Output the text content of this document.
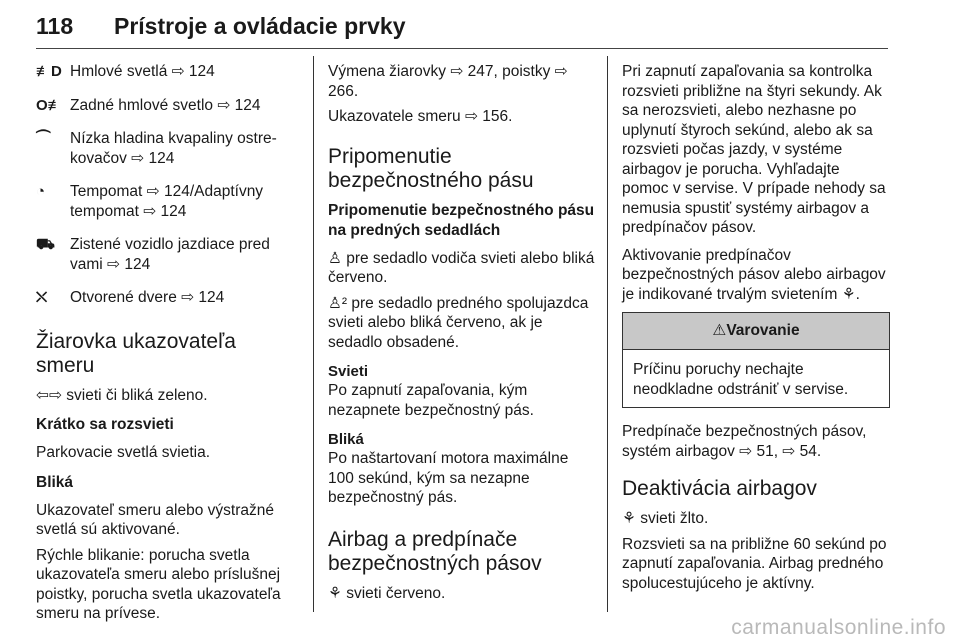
118 Prístroje a ovládacie prvky
≢D Hmlové svetlá ⇨ 124
O≢ Zadné hmlové svetlo ⇨ 124
⏜	Nízka hladina kvapaliny ostre-kovačov ⇨ 124
◔	Tempomat ⇨ 124/Adaptívny tempomat ⇨ 124
⛟ Zistené vozidlo jazdiace pred vami ⇨ 124
⛌	Otvorené dvere ⇨ 124
Žiarovka ukazovateľa smeru

⇦⇨ svieti či bliká zeleno.

Krátko sa rozsvieti

Parkovacie svetlá svietia.

Bliká

Ukazovateľ smeru alebo výstražné svetlá sú aktivované.

Rýchle blikanie: porucha svetla ukazovateľa smeru alebo príslušnej poistky, porucha svetla ukazovateľa smeru na prívese.

Výmena žiarovky ⇨ 247, poistky ⇨ 266.

Ukazovatele smeru ⇨ 156.

Pripomenutie bezpečnostného pásu
Pripomenutie bezpečnostného pásu na predných sedadlách

♙ pre sedadlo vodiča svieti alebo bliká červeno.

♙² pre sedadlo predného spolujazdca svieti alebo bliká červeno, ak je sedadlo obsadené.

Svieti

Po zapnutí zapaľovania, kým nezapnete bezpečnostný pás.

Bliká

Po naštartovaní motora maximálne 100 sekúnd, kým sa nezapne bezpečnostný pás.

Airbag a predpínače bezpečnostných pásov

⚘ svieti červeno.

Pri zapnutí zapaľovania sa kontrolka rozsvieti približne na štyri sekundy. Ak sa nerozsvieti, alebo nezhasne po uplynutí štyroch sekúnd, alebo ak sa rozsvieti počas jazdy, v systéme airbagov je porucha. Vyhľadajte pomoc v servise. V prípade nehody sa nemusia spustiť systémy airbagov a predpínačov pásov.

Aktivovanie predpínačov bezpečnostných pásov alebo airbagov je indikované trvalým svietením ⚘.

⚠Varovanie
Príčinu poruchy nechajte neodkladne odstrániť v servise.

Predpínače bezpečnostných pásov, systém airbagov ⇨ 51, ⇨ 54.

Deaktivácia airbagov

⚘ svieti žlto.

Rozsvieti sa na približne 60 sekúnd po zapnutí zapaľovania. Airbag predného spolucestujúceho je aktívny.

carmanualsonline.info
